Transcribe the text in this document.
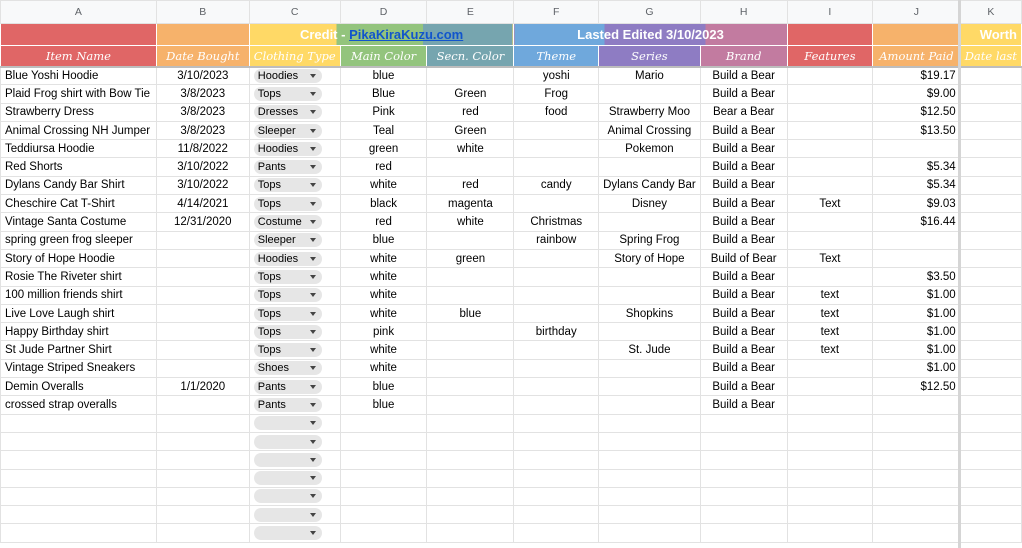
A	B	C	D	E	F	G	H	I	J	K
		Credit - PikaKiraKuzu.com			Lasted Edited 3/10/2023					Worth
Item Name	Date Bought	Clothing Type	Main Color	Secn. Color	Theme	Series	Brand	Features	Amount Paid	Date last
Blue Yoshi Hoodie	3/10/2023	Hoodies	blue		yoshi	Mario	Build a Bear		$19.17	
Plaid Frog shirt with Bow Tie	3/8/2023	Tops	Blue	Green	Frog		Build a Bear		$9.00	
Strawberry Dress	3/8/2023	Dresses	Pink	red	food	Strawberry Moo	Bear a Bear		$12.50	
Animal Crossing NH Jumper	3/8/2023	Sleeper	Teal	Green		Animal Crossing	Build a Bear		$13.50	
Teddiursa Hoodie	11/8/2022	Hoodies	green	white		Pokemon	Build a Bear			
Red Shorts	3/10/2022	Pants	red				Build a Bear		$5.34	
Dylans Candy Bar Shirt	3/10/2022	Tops	white	red	candy	Dylans Candy Bar	Build a Bear		$5.34	
Cheschire Cat T-Shirt	4/14/2021	Tops	black	magenta		Disney	Build a Bear	Text	$9.03	
Vintage Santa Costume	12/31/2020	Costume	red	white	Christmas		Build a Bear		$16.44	
spring green frog sleeper		Sleeper	blue		rainbow	Spring Frog	Build a Bear			
Story of Hope Hoodie		Hoodies	white	green		Story of Hope	Build of Bear	Text		
Rosie The Riveter shirt		Tops	white				Build a Bear		$3.50	
100 million friends shirt		Tops	white				Build a Bear	text	$1.00	
Live Love Laugh shirt		Tops	white	blue		Shopkins	Build a Bear	text	$1.00	
Happy Birthday shirt		Tops	pink		birthday		Build a Bear	text	$1.00	
St Jude Partner Shirt		Tops	white			St. Jude	Build a Bear	text	$1.00	
Vintage Striped Sneakers		Shoes	white				Build a Bear		$1.00	
Demin Overalls	1/1/2020	Pants	blue				Build a Bear		$12.50	
crossed strap overalls		Pants	blue				Build a Bear			
